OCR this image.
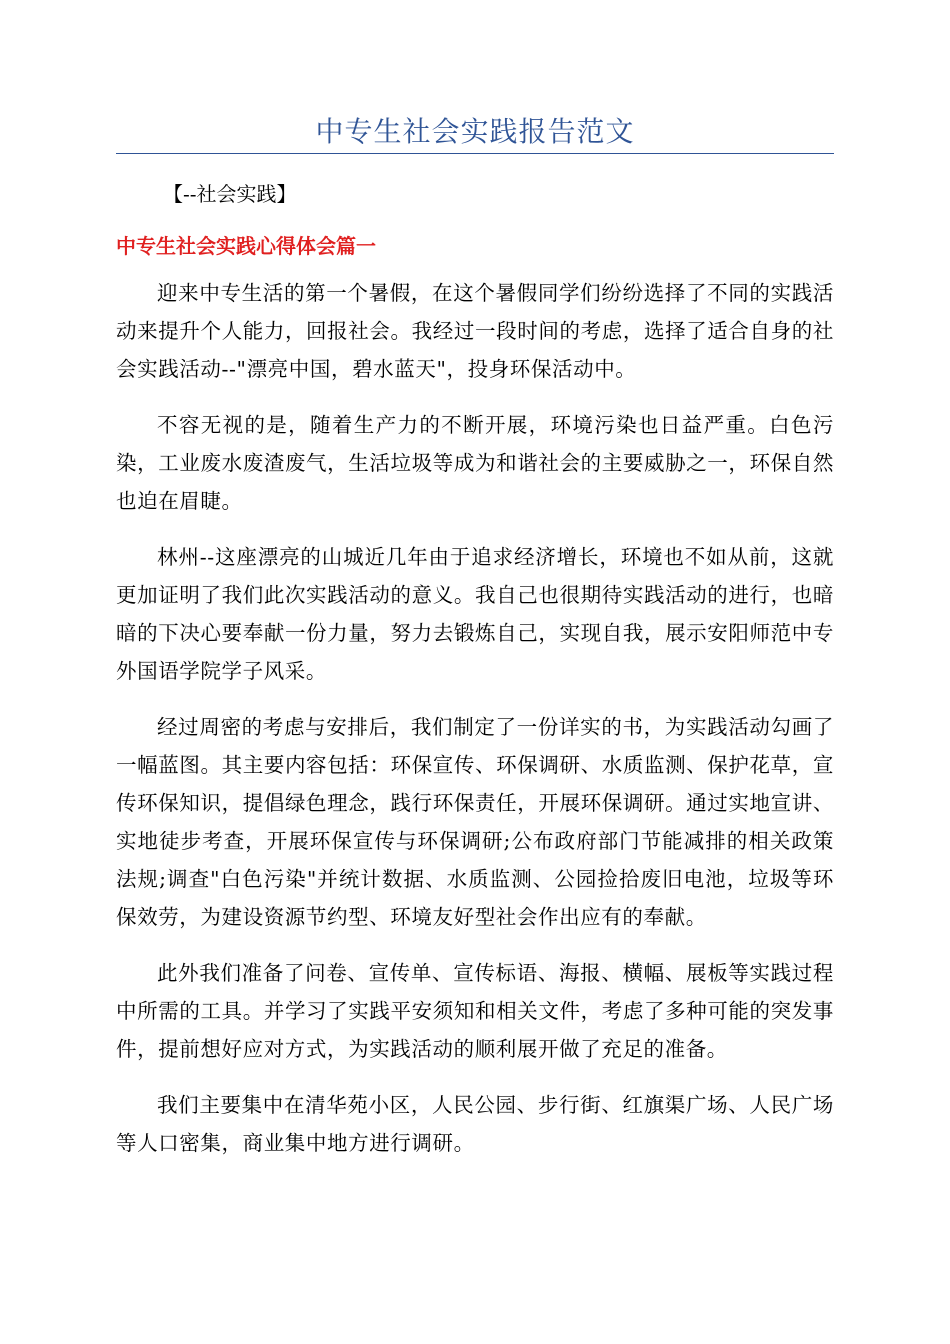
中专生社会实践报告范文

【--社会实践】

中专生社会实践心得体会篇一

迎来中专生活的第一个暑假，在这个暑假同学们纷纷选择了不同的实践活动来提升个人能力，回报社会。我经过一段时间的考虑，选择了适合自身的社会实践活动--"漂亮中国，碧水蓝天"，投身环保活动中。

不容无视的是，随着生产力的不断开展，环境污染也日益严重。白色污染，工业废水废渣废气，生活垃圾等成为和谐社会的主要威胁之一，环保自然也迫在眉睫。

林州--这座漂亮的山城近几年由于追求经济增长，环境也不如从前，这就更加证明了我们此次实践活动的意义。我自己也很期待实践活动的进行，也暗暗的下决心要奉献一份力量，努力去锻炼自己，实现自我，展示安阳师范中专外国语学院学子风采。

经过周密的考虑与安排后，我们制定了一份详实的书，为实践活动勾画了一幅蓝图。其主要内容包括：环保宣传、环保调研、水质监测、保护花草，宣传环保知识，提倡绿色理念，践行环保责任，开展环保调研。通过实地宣讲、实地徒步考查，开展环保宣传与环保调研;公布政府部门节能减排的相关政策法规;调查"白色污染"并统计数据、水质监测、公园捡拾废旧电池，垃圾等环保效劳，为建设资源节约型、环境友好型社会作出应有的奉献。

此外我们准备了问卷、宣传单、宣传标语、海报、横幅、展板等实践过程中所需的工具。并学习了实践平安须知和相关文件，考虑了多种可能的突发事件，提前想好应对方式，为实践活动的顺利展开做了充足的准备。

我们主要集中在清华苑小区，人民公园、步行街、红旗渠广场、人民广场等人口密集，商业集中地方进行调研。
